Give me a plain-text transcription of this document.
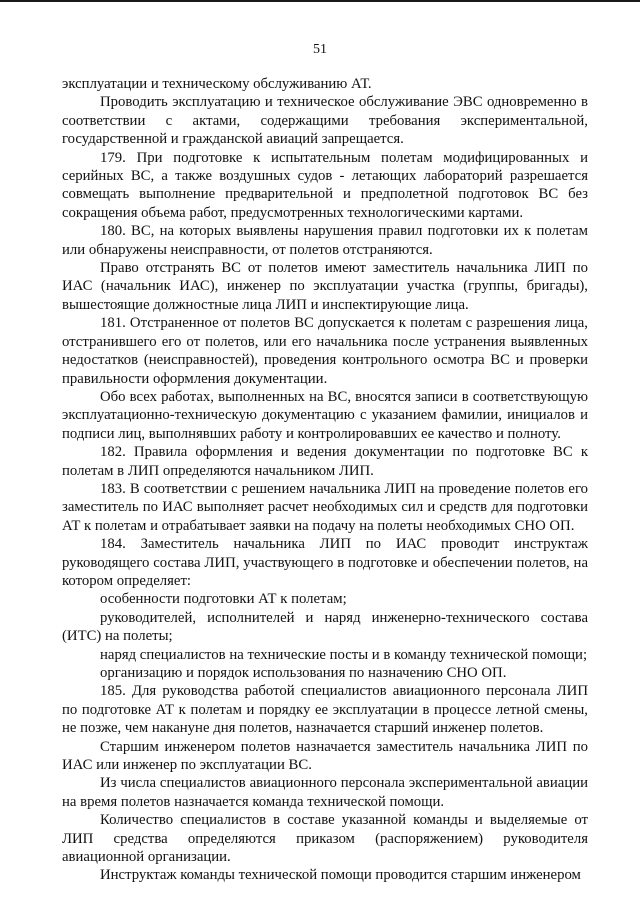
51

эксплуатации и техническому обслуживанию АТ.

Проводить эксплуатацию и техническое обслуживание ЭВС одновременно в соответствии с актами, содержащими требования экспериментальной, государственной и гражданской авиаций запрещается.

179. При подготовке к испытательным полетам модифицированных и серийных ВС, а также воздушных судов - летающих лабораторий разрешается совмещать выполнение предварительной и предполетной подготовок ВС без сокращения объема работ, предусмотренных технологическими картами.

180. ВС, на которых выявлены нарушения правил подготовки их к полетам или обнаружены неисправности, от полетов отстраняются.

Право отстранять ВС от полетов имеют заместитель начальника ЛИП по ИАС (начальник ИАС), инженер по эксплуатации участка (группы, бригады), вышестоящие должностные лица ЛИП и инспектирующие лица.

181. Отстраненное от полетов ВС допускается к полетам с разрешения лица, отстранившего его от полетов, или его начальника после устранения выявленных недостатков (неисправностей), проведения контрольного осмотра ВС и проверки правильности оформления документации.

Обо всех работах, выполненных на ВС, вносятся записи в соответствующую эксплуатационно-техническую документацию с указанием фамилии, инициалов и подписи лиц, выполнявших работу и контролировавших ее качество и полноту.

182. Правила оформления и ведения документации по подготовке ВС к полетам в ЛИП определяются начальником ЛИП.

183. В соответствии с решением начальника ЛИП на проведение полетов его заместитель по ИАС выполняет расчет необходимых сил и средств для подготовки АТ к полетам и отрабатывает заявки на подачу на полеты необходимых СНО ОП.

184. Заместитель начальника ЛИП по ИАС проводит инструктаж руководящего состава ЛИП, участвующего в подготовке и обеспечении полетов, на котором определяет:

особенности подготовки АТ к полетам;

руководителей, исполнителей и наряд инженерно-технического состава (ИТС) на полеты;

наряд специалистов на технические посты и в команду технической помощи;

организацию и порядок использования по назначению СНО ОП.

185. Для руководства работой специалистов авиационного персонала ЛИП по подготовке АТ к полетам и порядку ее эксплуатации в процессе летной смены, не позже, чем накануне дня полетов, назначается старший инженер полетов.

Старшим инженером полетов назначается заместитель начальника ЛИП по ИАС или инженер по эксплуатации ВС.

Из числа специалистов авиационного персонала экспериментальной авиации на время полетов назначается команда технической помощи.

Количество специалистов в составе указанной команды и выделяемые от ЛИП средства определяются приказом (распоряжением) руководителя авиационной организации.

Инструктаж команды технической помощи проводится старшим инженером
